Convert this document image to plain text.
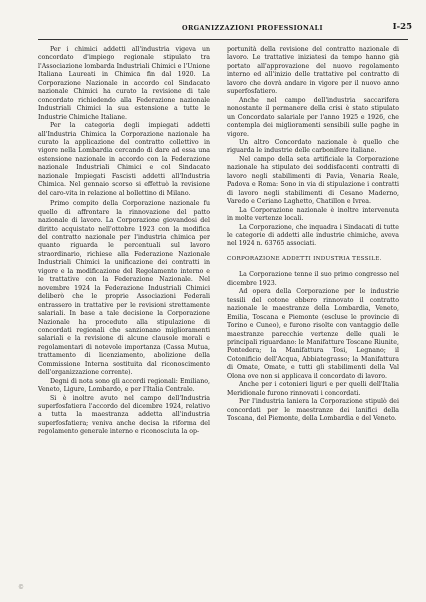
ORGANIZZAZIONI PROFESSIONALI	I-25

Per i chimici addetti all'industria vigeva un concordato d'impiego regionale stipulato tra l'Associazione lombarda Industriali Chimici e l'Unione Italiana Laureati in Chimica fin dal 1920. La Corporazione Nazionale in accordo col Sindacato nazionale Chimici ha curato la revisione di tale concordato richiedendo alla Federazione nazionale Industriali Chimici la sua estensione a tutte le Industrie Chimiche Italiane.

Per la categoria degli impiegati addetti all'Industria Chimica la Corporazione nazionale ha curato la applicazione del contratto collettivo in vigore nella Lombardia cercando di dare ad essa una estensione nazionale in accordo con la Federazione nazionale Industriali Chimici e col Sindacato nazionale Impiegati Fascisti addetti all'Industria Chimica. Nel gennaio scorso si effettuò la revisione del caro-vita in relazione al bollettino di Milano.

Primo compito della Corporazione nazionale fu quello di affrontare la rinnovazione del patto nazionale di lavoro. La Corporazione giovandosi del diritto acquistato nell'ottobre 1923 con la modifica del contratto nazionale per l'industria chimica per quanto riguarda le percentuali sul lavoro straordinario, richiese alla Federazione Nazionale Industriali Chimici la unificazione dei contratti in vigore e la modificazione del Regolamento interno e le trattative con la Federazione Nazionale. Nel novembre 1924 la Federazione Industriali Chimici deliberò che le proprie Associazioni Federali entrassero in trattative per le revisioni strettamente salariali. In base a tale decisione la Corporazione Nazionale ha proceduto alla stipulazione di concordati regionali che sanzionano miglioramenti salariali e la revisione di alcune clausole morali e regolamentari di notevole importanza (Cassa Mutua, trattamento di licenziamento, abolizione della Commissione Interna sostituita dal riconoscimento dell'organizzazione corrente).

Degni di nota sono gli accordi regionali: Emiliano, Veneto, Ligure, Lombardo, e per l'Italia Centrale.

Si è inoltre avuto nel campo dell'Industria superfosfatiera l'accordo del dicembre 1924, relativo a tutta la maestranza addetta all'industria superfosfatiera; veniva anche decisa la riforma del regolamento generale interno e riconosciuta la op-

portunità della revisione del contratto nazionale di lavoro. Le trattative iniziatesi da tempo hanno già portato all'approvazione del nuovo regolamento interno ed all'inizio delle trattative pel contratto di lavoro che dovrà andare in vigore per il nuovo anno superfosfatiero.

Anche nel campo dell'industria saccarifera nonostante il permanere della crisi è stato stipulato un Concordato salariale per l'anno 1925 e 1926, che contempla dei miglioramenti sensibili sulle paghe in vigore.

Un altro Concordato nazionale è quello che riguarda le industrie delle carbonifere italiane.

Nel campo della seta artificiale la Corporazione nazionale ha stipulato dei soddisfacenti contratti di lavoro negli stabilimenti di Pavia, Venaria Reale, Padova e Roma: Sono in via di stipulazione i contratti di lavoro negli stabilimenti di Cesano Maderno, Varedo e Ceriano Laghetto, Chatillon e Ivrea.

La Corporazione nazionale è inoltre intervenuta in molte vertenze locali.

La Corporazione, che inquadra i Sindacati di tutte le categorie di addetti alle industrie chimiche, aveva nel 1924 n. 63765 associati.

CORPORAZIONE ADDETTI INDUSTRIA TESSILE.

La Corporazione tenne il suo primo congresso nel dicembre 1923.

Ad opera della Corporazione per le industrie tessili del cotone ebbero rinnovato il contratto nazionale le maestranze della Lombardia, Veneto, Emilia, Toscana e Piemonte (escluse le provincie di Torino e Cuneo), e furono risolte con vantaggio delle maestranze parecchie vertenze delle quali le principali riguardano: le Manifatture Toscane Riunite, Pontedera; la Manifattura Tosi, Legnano; il Cotonificio dell'Acqua, Abbiategrasso; la Manifattura di Omate, Omate, e tutti gli stabilimenti della Val Olona ove non si applicava il concordato di lavoro.

Anche per i cotonieri liguri e per quelli dell'Italia Meridionale furono rinnovati i concordati.

Per l'industria laniera la Corporazione stipulò dei concordati per le maestranze dei lanifici della Toscana, del Piemonte, della Lombardia e del Veneto.

©
